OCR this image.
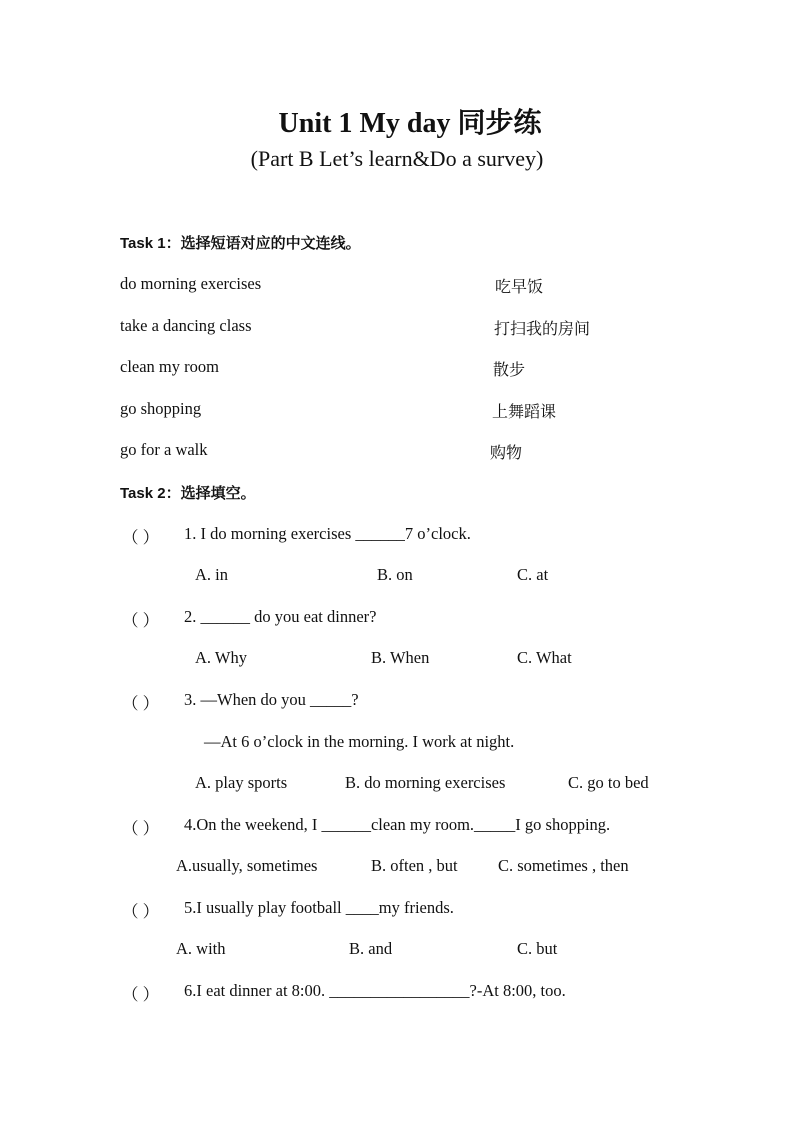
Unit 1 My day 同步练
(Part B Let’s learn&Do a survey)
Task 1：选择短语对应的中文连线。
do morning exercises	吃早饭
take a dancing class	打扫我的房间
clean my room	散步
go shopping	上舞蹈课
go for a walk	购物
Task 2：选择填空。
（ ） 1. I do morning exercises ______7 o’clock.
A. in	B. on	C. at
（ ） 2. ______ do you eat dinner?
A. Why	B. When	C. What
（ ） 3. —When do you _____?
—At 6 o’clock in the morning. I work at night.
A. play sports	B. do morning exercises	C. go to bed
（ ） 4.On the weekend, I ______clean my room._____I go shopping.
A.usually, sometimes	B. often , but C. sometimes , then
（ ） 5.I usually play football ____my friends.
A. with	B. and	C. but
（ ） 6.I eat dinner at 8:00. _________________?-At 8:00, too.
